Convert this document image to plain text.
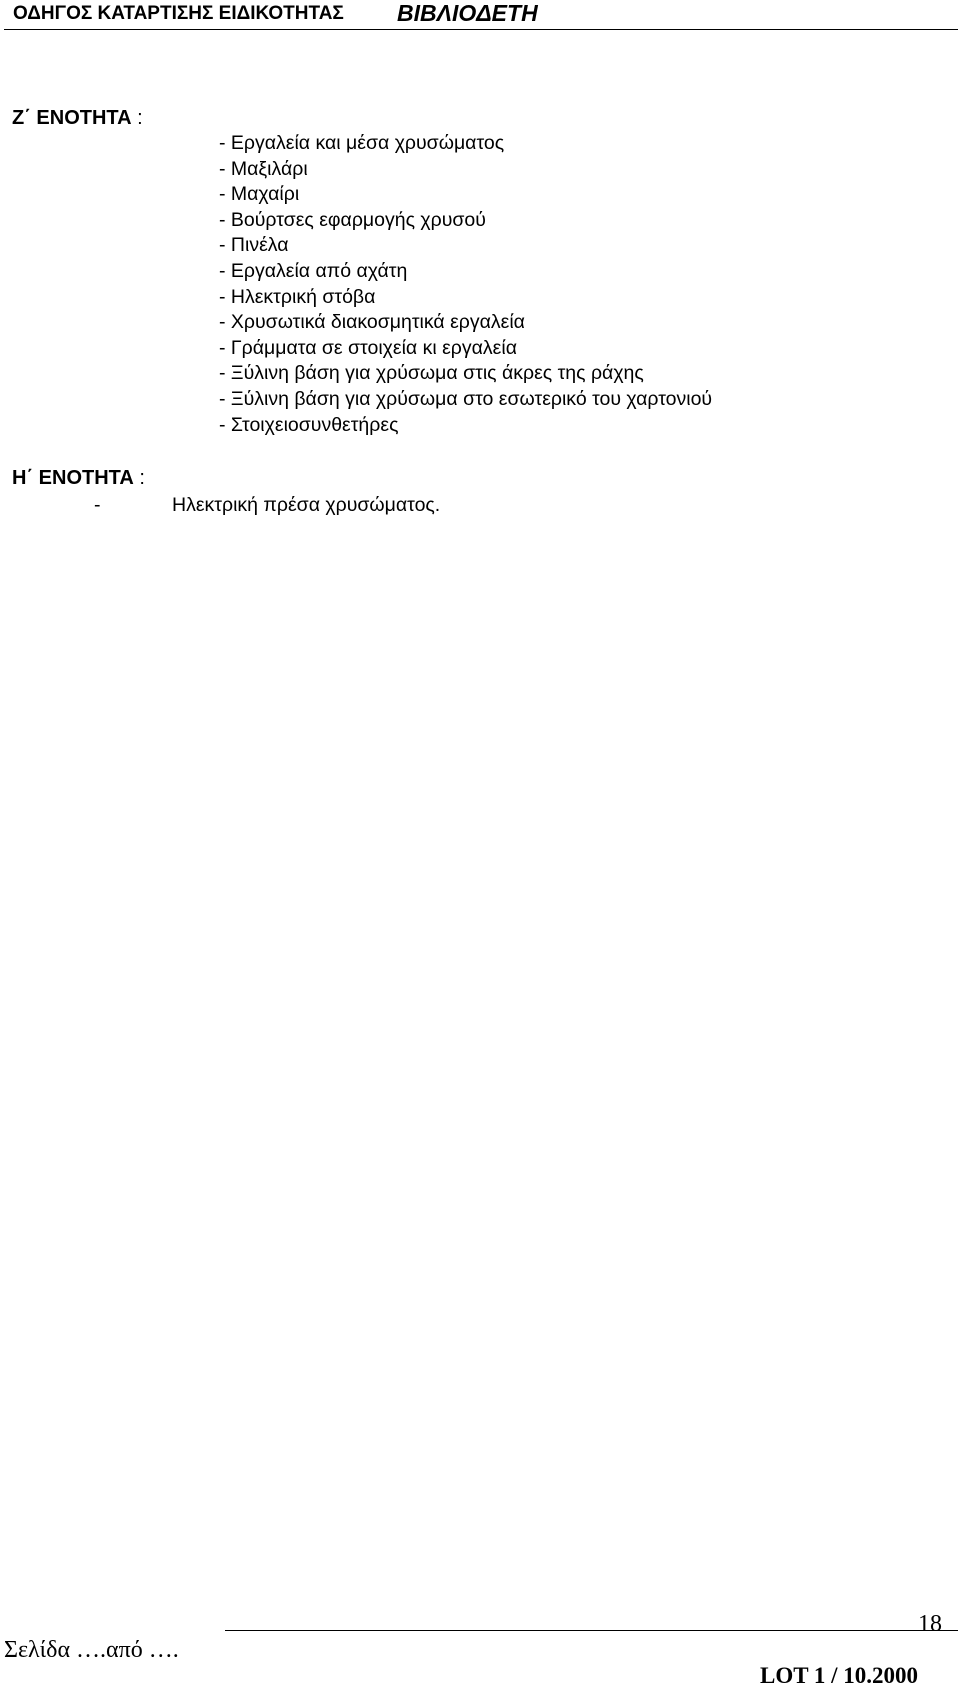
ΟΔΗΓΟΣ ΚΑΤΑΡΤΙΣΗΣ ΕΙΔΙΚΟΤΗΤΑΣ ΒΙΒΛΙΟΔΕΤΗ
Ζ΄ ΕΝΟΤΗΤΑ :
- Εργαλεία και μέσα χρυσώματος
- Μαξιλάρι
- Μαχαίρι
- Βούρτσες εφαρμογής χρυσού
- Πινέλα
- Εργαλεία από αχάτη
- Ηλεκτρική στόβα
- Χρυσωτικά διακοσμητικά εργαλεία
- Γράμματα σε στοιχεία κι εργαλεία
- Ξύλινη βάση για χρύσωμα στις άκρες της ράχης
- Ξύλινη βάση για χρύσωμα στο εσωτερικό του χαρτονιού
- Στοιχειοσυνθετήρες
Η΄ ΕΝΟΤΗΤΑ :
-	Ηλεκτρική πρέσα χρυσώματος.
18
Σελίδα ….από ….
LOT 1 / 10.2000
